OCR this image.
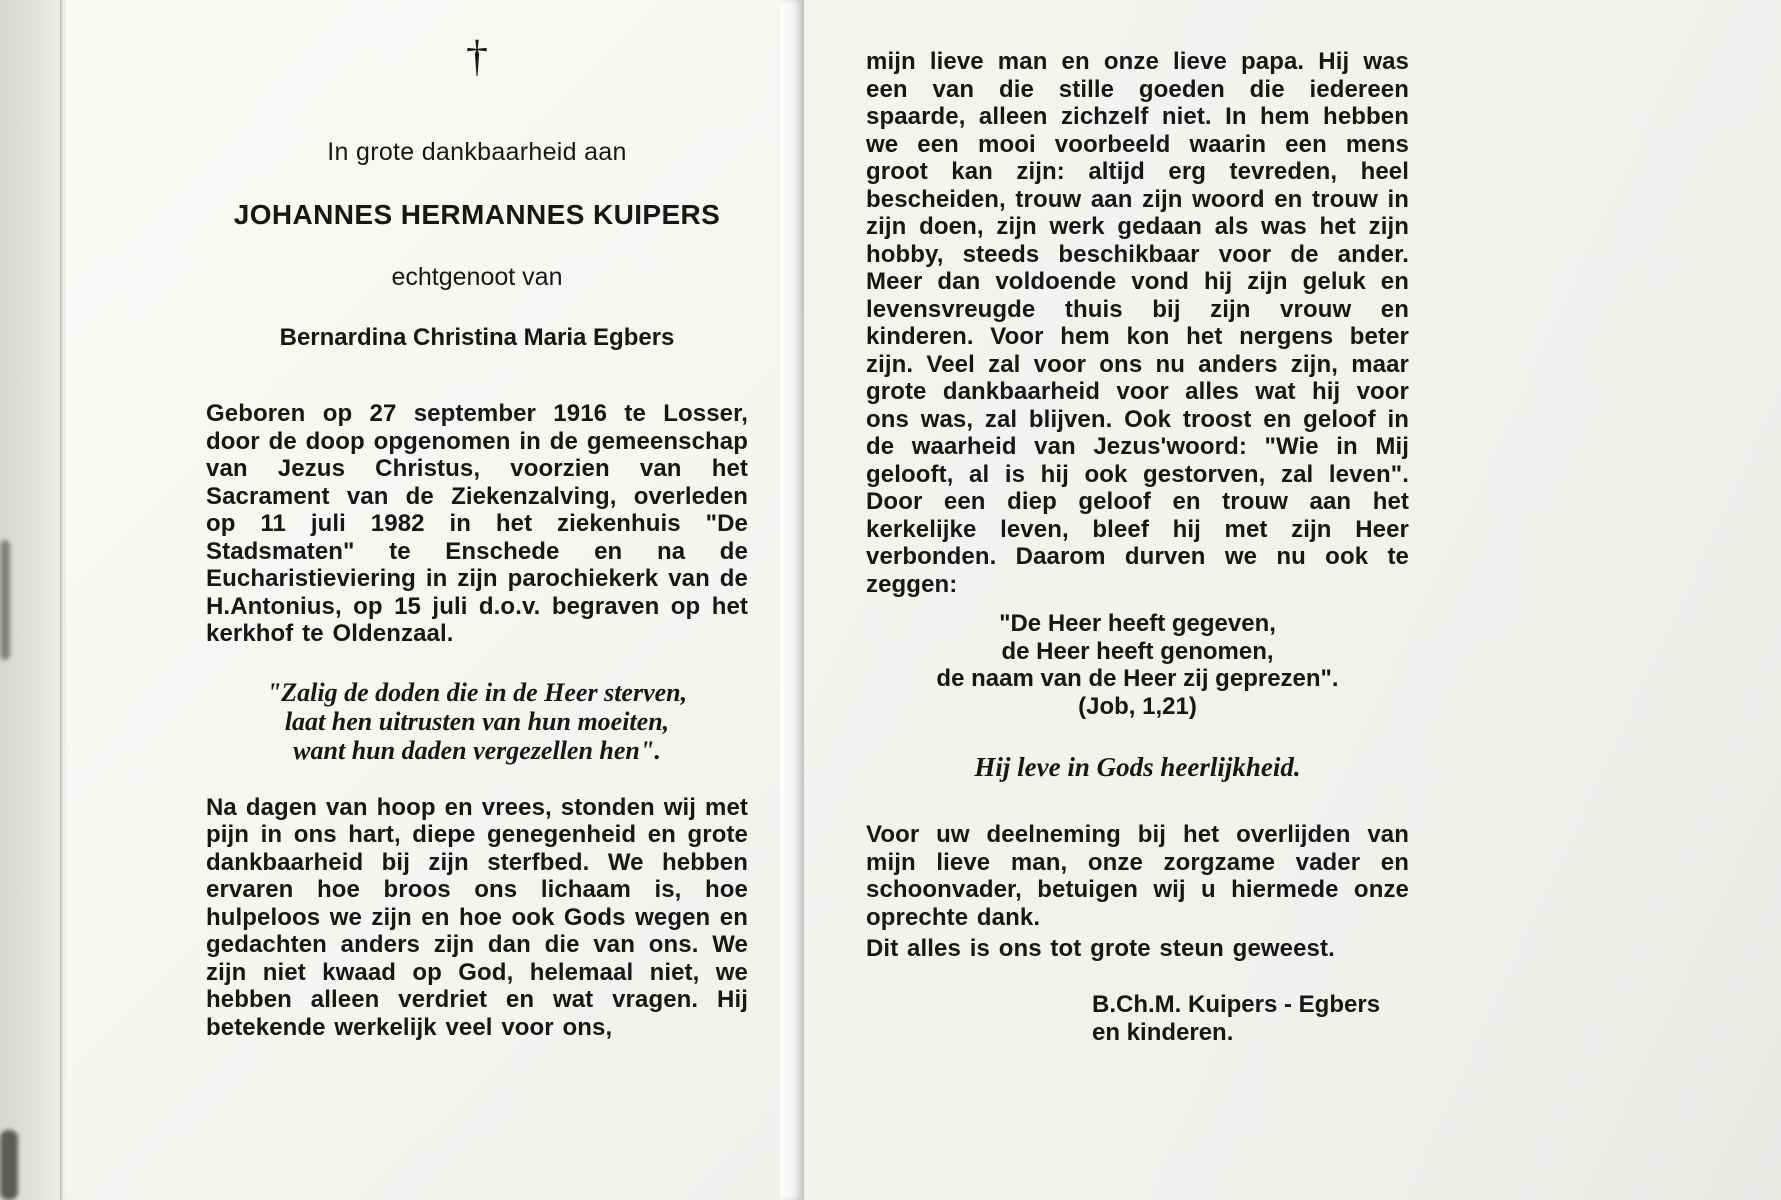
†
In grote dankbaarheid aan
JOHANNES HERMANNES KUIPERS
echtgenoot van
Bernardina Christina Maria Egbers
Geboren op 27 september 1916 te Losser, door de doop opgenomen in de gemeenschap van Jezus Christus, voorzien van het Sacrament van de Ziekenzalving, overleden op 11 juli 1982 in het ziekenhuis "De Stadsmaten" te Enschede en na de Eucharistieviering in zijn parochiekerk van de H.Antonius, op 15 juli d.o.v. begraven op het kerkhof te Oldenzaal.
"Zalig de doden die in de Heer sterven,
laat hen uitrusten van hun moeiten,
want hun daden vergezellen hen".
Na dagen van hoop en vrees, stonden wij met pijn in ons hart, diepe genegenheid en grote dankbaarheid bij zijn sterfbed. We hebben ervaren hoe broos ons lichaam is, hoe hulpeloos we zijn en hoe ook Gods wegen en gedachten anders zijn dan die van ons. We zijn niet kwaad op God, helemaal niet, we hebben alleen verdriet en wat vragen. Hij betekende werkelijk veel voor ons,
mijn lieve man en onze lieve papa. Hij was een van die stille goeden die iedereen spaarde, alleen zichzelf niet. In hem hebben we een mooi voorbeeld waarin een mens groot kan zijn: altijd erg tevreden, heel bescheiden, trouw aan zijn woord en trouw in zijn doen, zijn werk gedaan als was het zijn hobby, steeds beschikbaar voor de ander. Meer dan voldoende vond hij zijn geluk en levensvreugde thuis bij zijn vrouw en kinderen. Voor hem kon het nergens beter zijn. Veel zal voor ons nu anders zijn, maar grote dankbaarheid voor alles wat hij voor ons was, zal blijven. Ook troost en geloof in de waarheid van Jezus'woord: "Wie in Mij gelooft, al is hij ook gestorven, zal leven". Door een diep geloof en trouw aan het kerkelijke leven, bleef hij met zijn Heer verbonden. Daarom durven we nu ook te zeggen:
"De Heer heeft gegeven,
de Heer heeft genomen,
de naam van de Heer zij geprezen".
(Job, 1,21)
Hij leve in Gods heerlijkheid.
Voor uw deelneming bij het overlijden van mijn lieve man, onze zorgzame vader en schoonvader, betuigen wij u hiermede onze oprechte dank.
Dit alles is ons tot grote steun geweest.
B.Ch.M. Kuipers - Egbers
en kinderen.
